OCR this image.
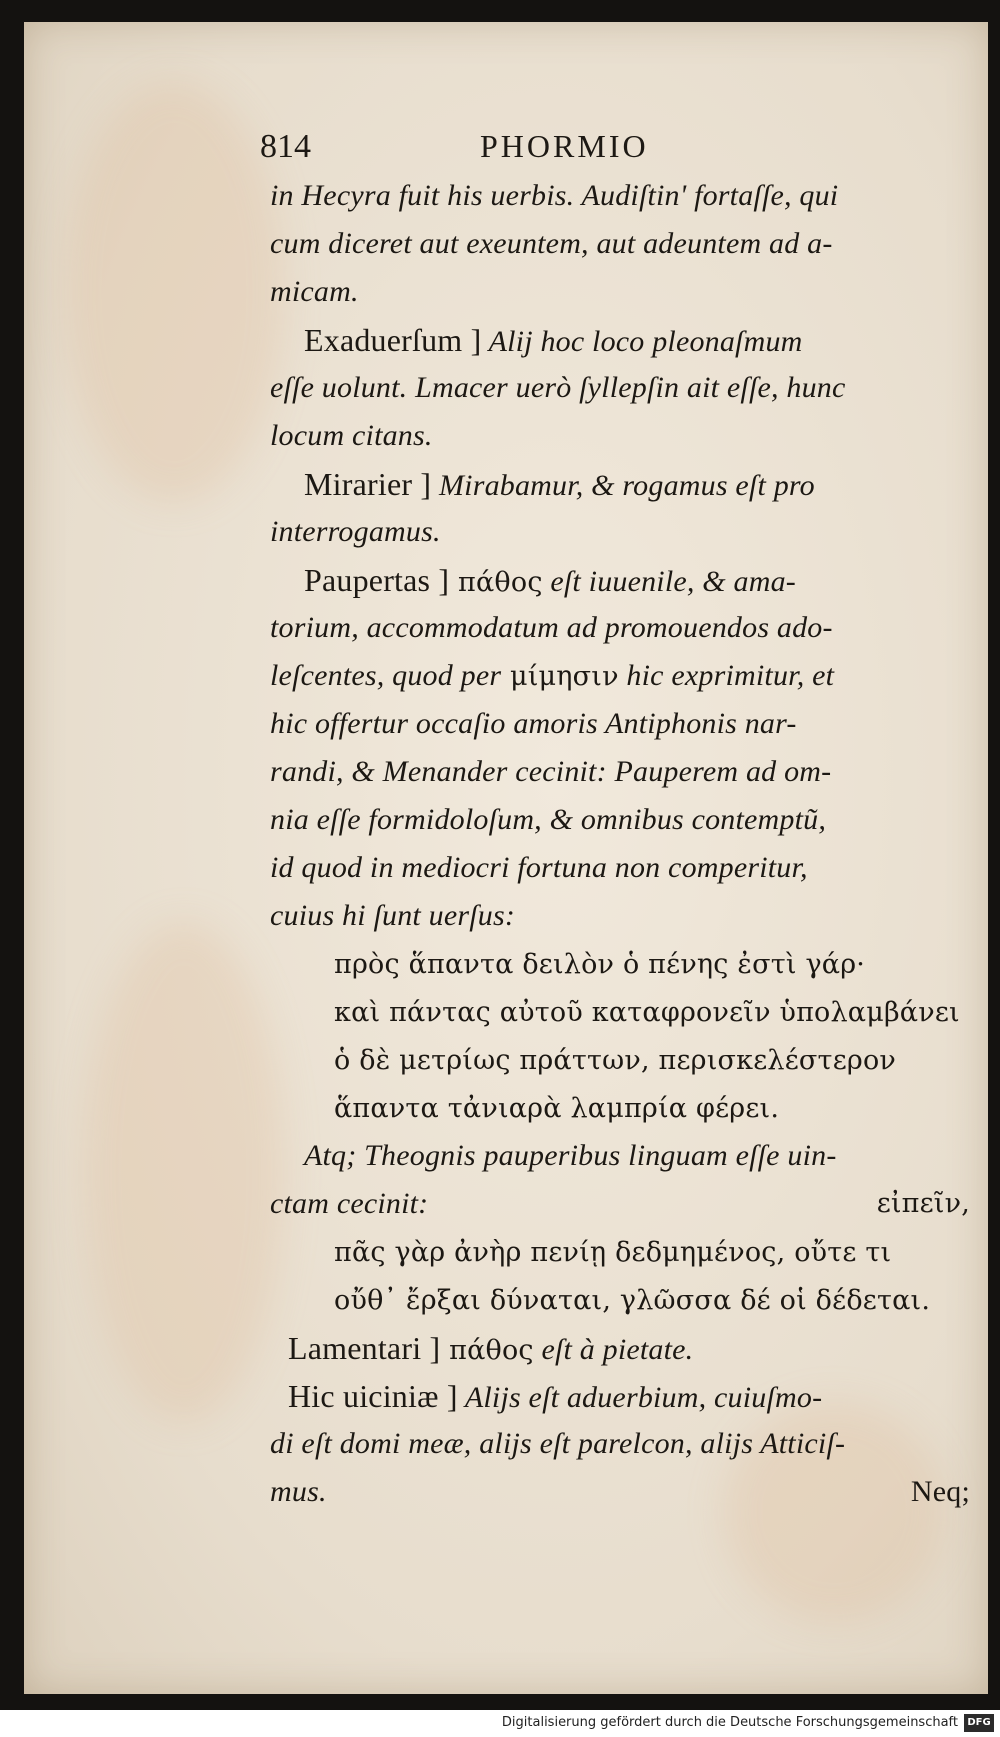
814	PHORMIO
in Hecyra fuit his uerbis. Audiſtin' fortaſſe, qui
cum diceret aut exeuntem, aut adeuntem ad a-
micam.
Exaduerſum ] Alij hoc loco pleonaſmum
eſſe uolunt. Lmacer uerò ſyllepſin ait eſſe, hunc
locum citans.
Mirarier ] Mirabamur, & rogamus eſt pro
interrogamus.
Paupertas ] πάθος eſt iuuenile, & ama-
torium, accommodatum ad promouendos ado-
leſcentes, quod per μίμησιν hic exprimitur, et
hic offertur occaſio amoris Antiphonis nar-
randi, & Menander cecinit: Pauperem ad om-
nia eſſe formidoloſum, & omnibus contemptũ,
id quod in mediocri fortuna non comperitur,
cuius hi ſunt uerſus:
πρὸς ἅπαντα δειλὸν ὁ πένης ἐστὶ γάρ·
καὶ πάντας αὐτοῦ καταφρονεῖν ὑπολαμβάνει
ὁ δὲ μετρίως πράττων, περισκελέστερον
ἅπαντα τἀνιαρὰ λαμπρία φέρει.
Atq; Theognis pauperibus linguam eſſe uin-
εἰπεῖν,
ctam cecinit:
πᾶς γὰρ ἀνὴρ πενίῃ δεδμημένος, οὔτε τι
οὔθ᾽ ἔρξαι δύναται, γλῶσσα δέ οἱ δέδεται.
Lamentari ] πάθος eſt à pietate.
Hic uiciniæ ] Alijs eſt aduerbium, cuiuſmo-
di eſt domi meæ, alijs eſt parelcon, alijs Atticiſ-
Neq;
mus.
Digitalisierung gefördert durch die Deutsche Forschungsgemeinschaft DFG
